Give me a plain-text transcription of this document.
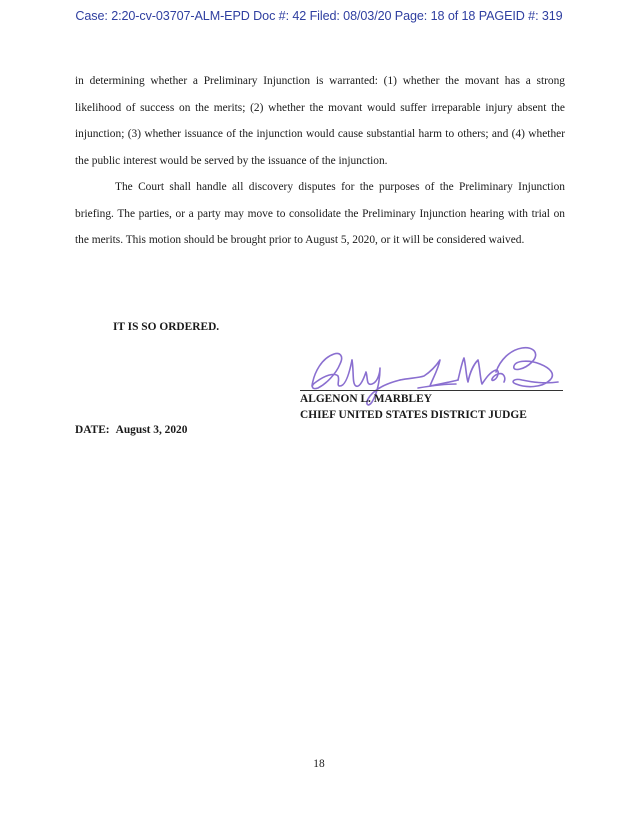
Case: 2:20-cv-03707-ALM-EPD Doc #: 42 Filed: 08/03/20 Page: 18 of 18 PAGEID #: 319

in determining whether a Preliminary Injunction is warranted: (1) whether the movant has a strong likelihood of success on the merits; (2) whether the movant would suffer irreparable injury absent the injunction; (3) whether issuance of the injunction would cause substantial harm to others; and (4) whether the public interest would be served by the issuance of the injunction.

The Court shall handle all discovery disputes for the purposes of the Preliminary Injunction briefing. The parties, or a party may move to consolidate the Preliminary Injunction hearing with trial on the merits. This motion should be brought prior to August 5, 2020, or it will be considered waived.

IT IS SO ORDERED.
ALGENON L. MARBLEY
CHIEF UNITED STATES DISTRICT JUDGE
DATE: August 3, 2020
18
